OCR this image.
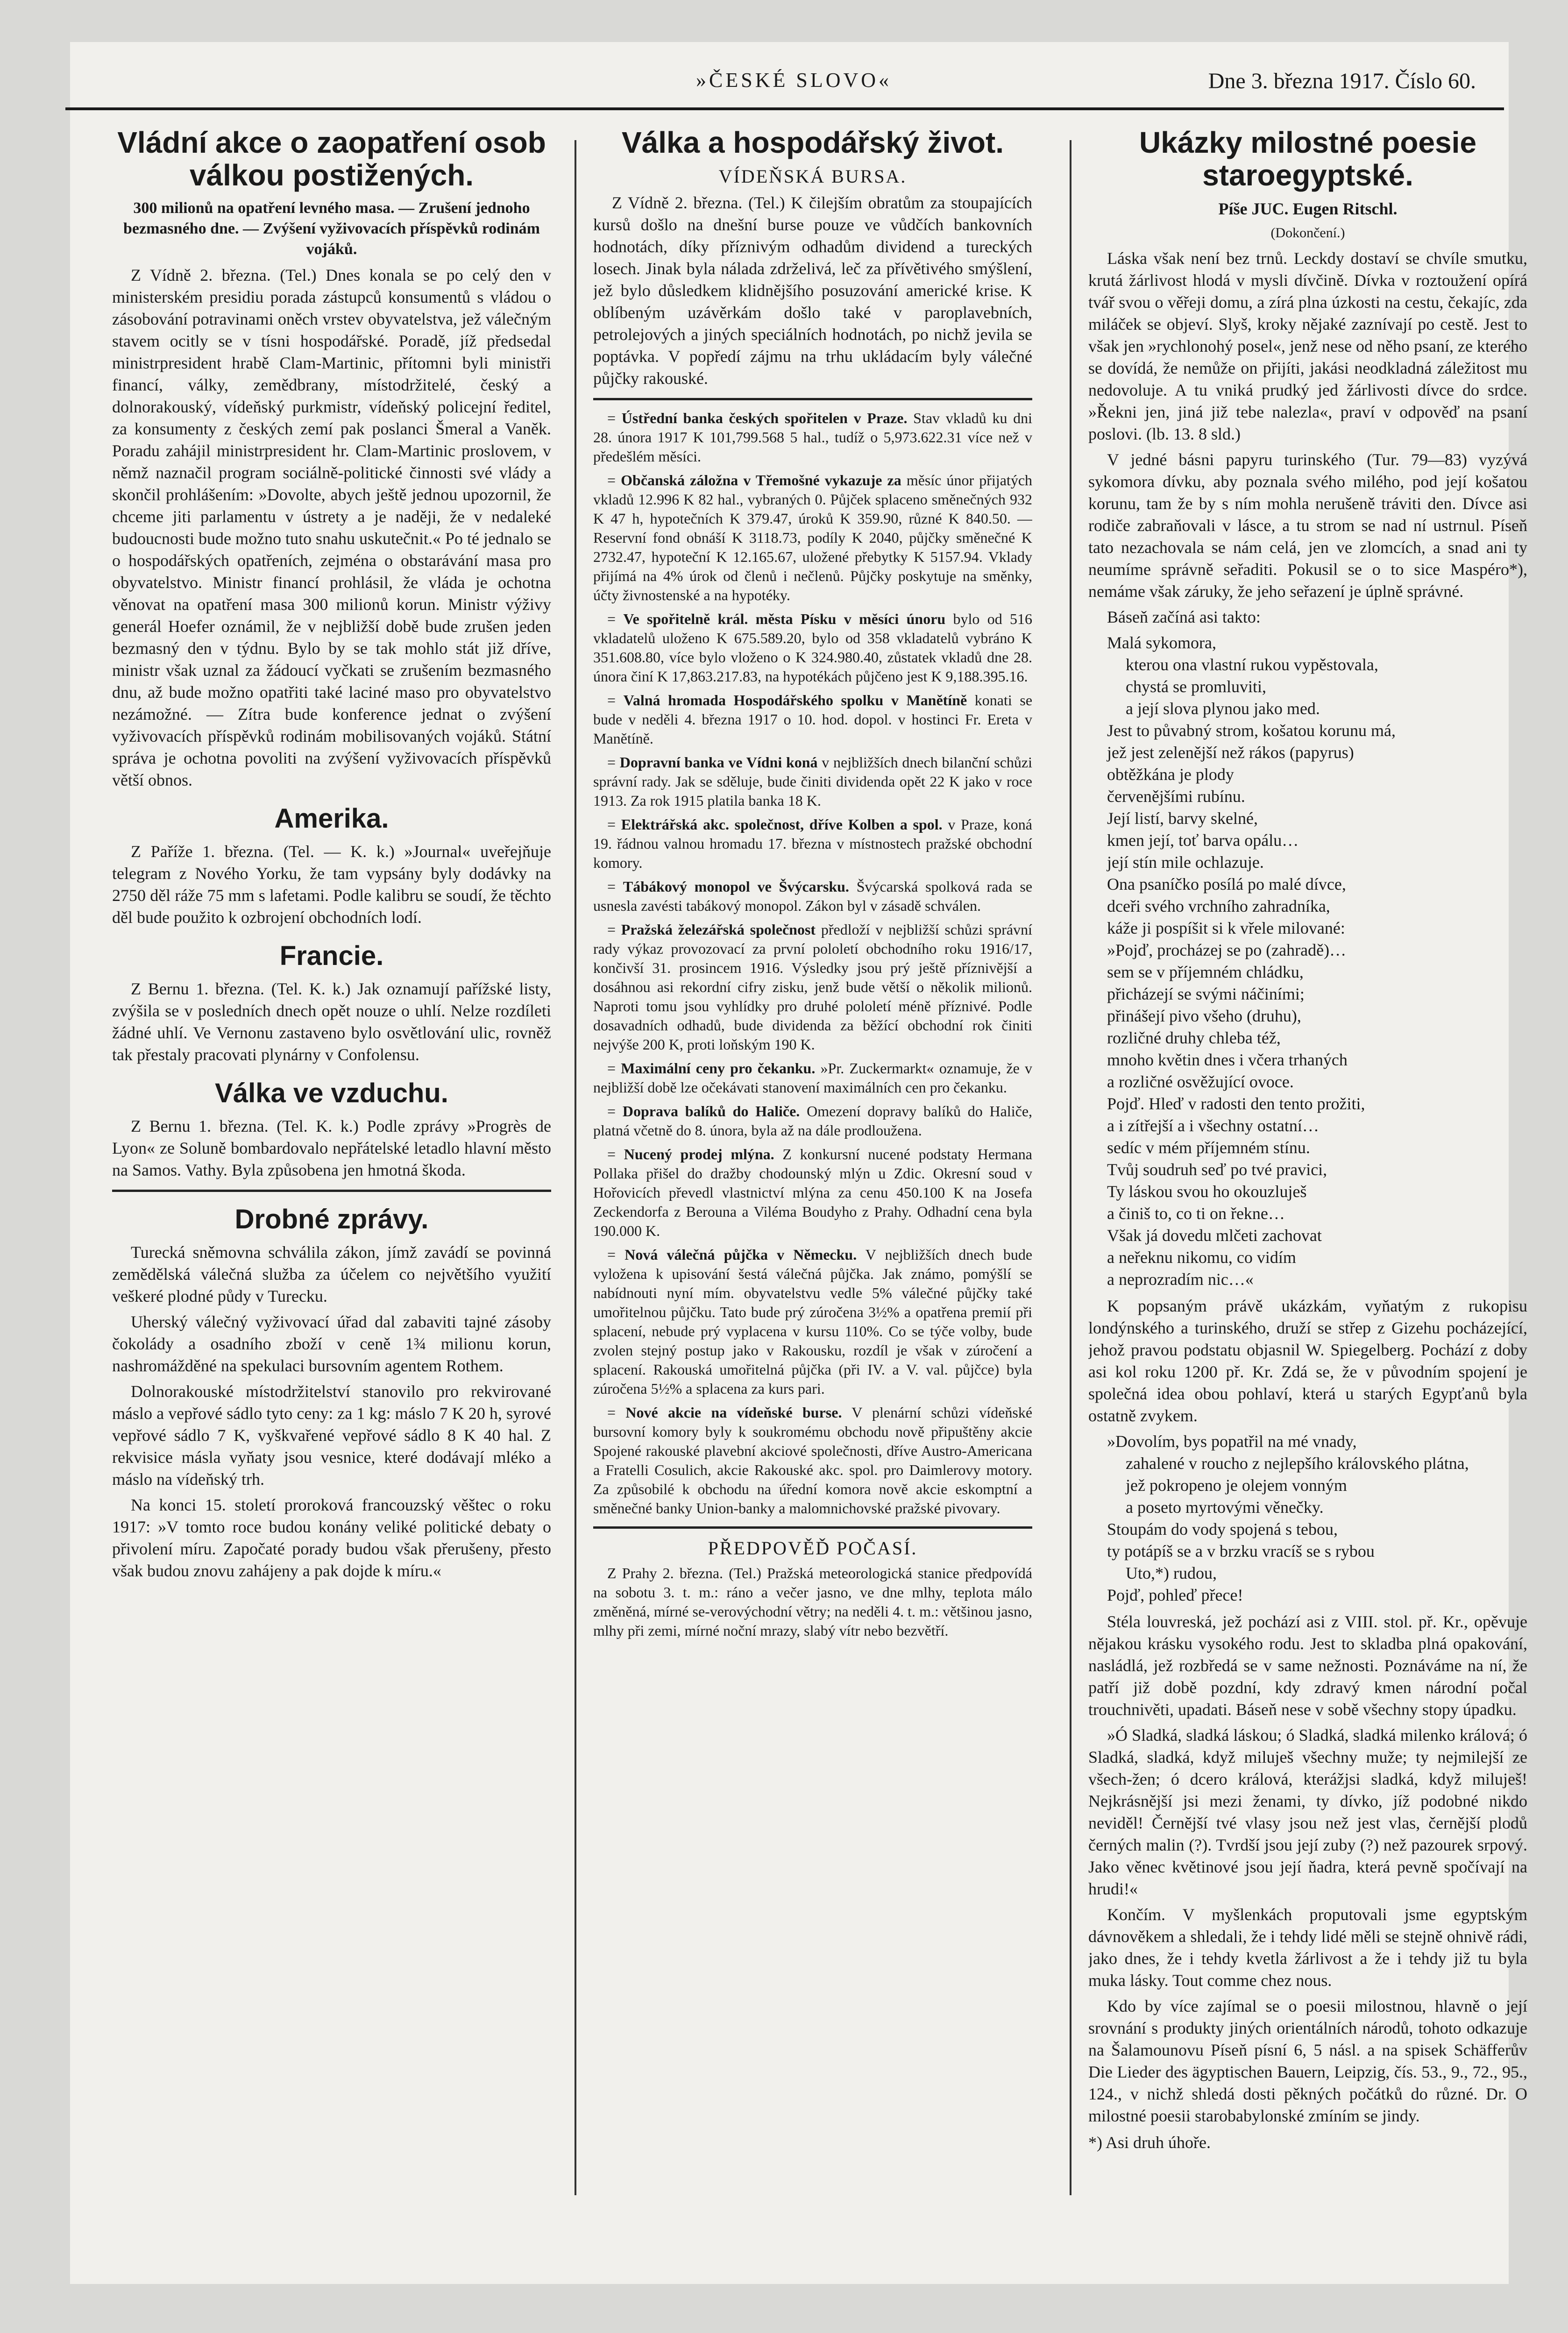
»ČESKÉ SLOVO«	Dne 3. března 1917. Číslo 60.
Vládní akce o zaopatření osob válkou postižených.
300 milionů na opatření levného masa. — Zrušení jednoho bezmasného dne. — Zvýšení vyživovacích příspěvků rodinám vojáků.

Z Vídně 2. března. (Tel.) Dnes konala se po celý den v ministerském presidiu porada zástupců konsumentů s vládou o zásobování potravinami oněch vrstev obyvatelstva, jež válečným stavem ocitly se v tísni hospodářské. Poradě, jíž předsedal ministrpresident hrabě Clam-Martinic, přítomni byli ministři financí, války, zemědbrany, místodržitelé, český a dolnorakouský, vídeňský purkmistr, vídeňský policejní ředitel, za konsumenty z českých zemí pak poslanci Šmeral a Vaněk. Poradu zahájil ministrpresident hr. Clam-Martinic proslovem, v němž naznačil program sociálně-politické činnosti své vlády a skončil prohlášením: »Dovolte, abych ještě jednou upozornil, že chceme jiti parlamentu v ústrety a je naději, že v nedaleké budoucnosti bude možno tuto snahu uskutečnit.« Po té jednalo se o hospodářských opatřeních, zejména o obstarávání masa pro obyvatelstvo. Ministr financí prohlásil, že vláda je ochotna věnovat na opatření masa 300 milionů korun. Ministr výživy generál Hoefer oznámil, že v nejbližší době bude zrušen jeden bezmasný den v týdnu. Bylo by se tak mohlo stát již dříve, ministr však uznal za žádoucí vyčkati se zrušením bezmasného dnu, až bude možno opatřiti také laciné maso pro obyvatelstvo nezámožné. — Zítra bude konference jednat o zvýšení vyživovacích příspěvků rodinám mobilisovaných vojáků. Státní správa je ochotna povoliti na zvýšení vyživovacích příspěvků větší obnos.

Amerika.

Z Paříže 1. března. (Tel. — K. k.) »Journal« uveřejňuje telegram z Nového Yorku, že tam vypsány byly dodávky na 2750 děl ráže 75 mm s lafetami. Podle kalibru se soudí, že těchto děl bude použito k ozbrojení obchodních lodí.

Francie.

Z Bernu 1. března. (Tel. K. k.) Jak oznamují pařížské listy, zvýšila se v posledních dnech opět nouze o uhlí. Nelze rozdíleti žádné uhlí. Ve Vernonu zastaveno bylo osvětlování ulic, rovněž tak přestaly pracovati plynárny v Confolensu.

Válka ve vzduchu.

Z Bernu 1. března. (Tel. K. k.) Podle zprávy »Progrès de Lyon« ze Soluně bombardovalo nepřátelské letadlo hlavní město na Samos. Vathy. Byla způsobena jen hmotná škoda.

Drobné zprávy.

Turecká sněmovna schválila zákon, jímž zavádí se povinná zemědělská válečná služba za účelem co největšího využití veškeré plodné půdy v Turecku.

Uherský válečný vyživovací úřad dal zabaviti tajné zásoby čokolády a osadního zboží v ceně 1¾ milionu korun, nashromážděné na spekulaci bursovním agentem Rothem.

Dolnorakouské místodržitelství stanovilo pro rekvirované máslo a vepřové sádlo tyto ceny: za 1 kg: máslo 7 K 20 h, syrové vepřové sádlo 7 K, vyškvařené vepřové sádlo 8 K 40 hal. Z rekvisice másla vyňaty jsou vesnice, které dodávají mléko a máslo na vídeňský trh.

Na konci 15. století proroková francouzský věštec o roku 1917: »V tomto roce budou konány veliké politické debaty o přivolení míru. Započaté porady budou však přerušeny, přesto však budou znovu zahájeny a pak dojde k míru.«

Válka a hospodářský život.
VÍDEŇSKÁ BURSA.

Z Vídně 2. března. (Tel.) K čilejším obratům za stoupajících kursů došlo na dnešní burse pouze ve vůdčích bankovních hodnotách, díky příznivým odhadům dividend a tureckých losech. Jinak byla nálada zdrželivá, leč za přívětivého smýšlení, jež bylo důsledkem klidnějšího posuzování americké krise. K oblíbeným uzávěrkám došlo také v paroplavebních, petrolejových a jiných speciálních hodnotách, po nichž jevila se poptávka. V popředí zájmu na trhu ukládacím byly válečné půjčky rakouské.

= Ústřední banka českých spořitelen v Praze. Stav vkladů ku dni 28. února 1917 K 101,799.568 5 hal., tudíž o 5,973.622.31 více než v předešlém měsíci.
= Občanská záložna v Třemošné vykazuje za měsíc únor přijatých vkladů 12.996 K 82 hal., vybraných 0. Půjček splaceno směnečných 932 K 47 h, hypotečních K 379.47, úroků K 359.90, různé K 840.50. — Reservní fond obnáší K 3118.73, podíly K 2040, půjčky směnečné K 2732.47, hypoteční K 12.165.67, uložené přebytky K 5157.94. Vklady přijímá na 4% úrok od členů i nečlenů. Půjčky poskytuje na směnky, účty živnostenské a na hypotéky.
= Ve spořitelně král. města Písku v měsíci únoru bylo od 516 vkladatelů uloženo K 675.589.20, bylo od 358 vkladatelů vybráno K 351.608.80, více bylo vloženo o K 324.980.40, zůstatek vkladů dne 28. února činí K 17,863.217.83, na hypotékách půjčeno jest K 9,188.395.16.
= Valná hromada Hospodářského spolku v Manětíně konati se bude v neděli 4. března 1917 o 10. hod. dopol. v hostinci Fr. Ereta v Manětíně.
= Dopravní banka ve Vídni koná v nejbližších dnech bilanční schůzi správní rady. Jak se sděluje, bude činiti dividenda opět 22 K jako v roce 1913. Za rok 1915 platila banka 18 K.
= Elektrářská akc. společnost, dříve Kolben a spol. v Praze, koná 19. řádnou valnou hromadu 17. března v místnostech pražské obchodní komory.
= Tábákový monopol ve Švýcarsku. Švýcarská spolková rada se usnesla zavésti tabákový monopol. Zákon byl v zásadě schválen.
= Pražská železářská společnost předloží v nejbližší schůzi správní rady výkaz provozovací za první pololetí obchodního roku 1916/17, končivší 31. prosincem 1916. Výsledky jsou prý ještě příznivější a dosáhnou asi rekordní cifry zisku, jenž bude větší o několik milionů. Naproti tomu jsou vyhlídky pro druhé pololetí méně příznivé. Podle dosavadních odhadů, bude dividenda za běžící obchodní rok činiti nejvýše 200 K, proti loňským 190 K.
= Maximální ceny pro čekanku. »Pr. Zuckermarkt« oznamuje, že v nejbližší době lze očekávati stanovení maximálních cen pro čekanku.
= Doprava balíků do Haliče. Omezení dopravy balíků do Haliče, platná včetně do 8. února, byla až na dále prodloužena.
= Nucený prodej mlýna. Z konkursní nucené podstaty Hermana Pollaka přišel do dražby chodounský mlýn u Zdic. Okresní soud v Hořovicích převedl vlastnictví mlýna za cenu 450.100 K na Josefa Zeckendorfa z Berouna a Viléma Boudyho z Prahy. Odhadní cena byla 190.000 K.
= Nová válečná půjčka v Německu. V nejbližších dnech bude vyložena k upisování šestá válečná půjčka. Jak známo, pomýšlí se nabídnouti nyní mím. obyvatelstvu vedle 5% válečné půjčky také umořitelnou půjčku. Tato bude prý zúročena 3½% a opatřena premií při splacení, nebude prý vyplacena v kursu 110%. Co se týče volby, bude zvolen stejný postup jako v Rakousku, rozdíl je však v zúročení a splacení. Rakouská umořitelná půjčka (při IV. a V. val. půjčce) byla zúročena 5½% a splacena za kurs pari.
= Nové akcie na vídeňské burse. V plenární schůzi vídeňské bursovní komory byly k soukromému obchodu nově připuštěny akcie Spojené rakouské plavební akciové společnosti, dříve Austro-Americana a Fratelli Cosulich, akcie Rakouské akc. spol. pro Daimlerovy motory. Za způsobilé k obchodu na úřední komora nově akcie eskomptní a směnečné banky Union-banky a malomnichovské pražské pivovary.
PŘEDPOVĚĎ POČASÍ.
Z Prahy 2. března. (Tel.) Pražská meteorologická stanice předpovídá na sobotu 3. t. m.: ráno a večer jasno, ve dne mlhy, teplota málo změněná, mírné se-verovýchodní větry; na neděli 4. t. m.: většinou jasno, mlhy při zemi, mírné noční mrazy, slabý vítr nebo bezvětří.
Ukázky milostné poesie staroegyptské.
Píše JUC. Eugen Ritschl.
(Dokončení.)

Láska však není bez trnů. Leckdy dostaví se chvíle smutku, krutá žárlivost hlodá v mysli dívčině. Dívka v roztoužení opírá tvář svou o věřeji domu, a zírá plna úzkosti na cestu, čekajíc, zda miláček se objeví. Slyš, kroky nějaké zaznívají po cestě. Jest to však jen »rychlonohý posel«, jenž nese od něho psaní, ze kterého se dovídá, že nemůže on přijíti, jakási neodkladná záležitost mu nedovoluje. A tu vniká prudký jed žárlivosti dívce do srdce. »Řekni jen, jiná již tebe nalezla«, praví v odpověď na psaní poslovi. (lb. 13. 8 sld.)

V jedné básni papyru turinského (Tur. 79—83) vyzývá sykomora dívku, aby poznala svého milého, pod její košatou korunu, tam že by s ním mohla nerušeně tráviti den. Dívce asi rodiče zabraňovali v lásce, a tu strom se nad ní ustrnul. Píseň tato nezachovala se nám celá, jen ve zlomcích, a snad ani ty neumíme správně seřaditi. Pokusil se o to sice Maspéro*), nemáme však záruky, že jeho seřazení je úplně správné.

Báseň začíná asi takto:

Malá sykomora,
kterou ona vlastní rukou vypěstovala,
chystá se promluviti,
a její slova plynou jako med.
Jest to půvabný strom, košatou korunu má,
jež jest zelenější než rákos (papyrus)
obtěžkána je plody
červenějšími rubínu.
Její listí, barvy skelné,
kmen její, toť barva opálu…
její stín mile ochlazuje.
Ona psaníčko posílá po malé dívce,
dceři svého vrchního zahradníka,
káže ji pospíšit si k vřele milované:
»Pojď, procházej se po (zahradě)…
sem se v příjemném chládku,
přicházejí se svými náčiními;
přinášejí pivo všeho (druhu),
rozličné druhy chleba též,
mnoho květin dnes i včera trhaných
a rozličné osvěžující ovoce.
Pojď. Hleď v radosti den tento prožiti,
a i zítřejší a i všechny ostatní…
sedíc v mém příjemném stínu.
Tvůj soudruh seď po tvé pravici,
Ty láskou svou ho okouzluješ
a činiš to, co ti on řekne…
Však já dovedu mlčeti zachovat
a neřeknu nikomu, co vidím
a neprozradím nic…«

K popsaným právě ukázkám, vyňatým z rukopisu londýnského a turinského, druží se střep z Gizehu pocházející, jehož pravou podstatu objasnil W. Spiegelberg. Pochází z doby asi kol roku 1200 př. Kr. Zdá se, že v původním spojení je společná idea obou pohlaví, která u starých Egypťanů byla ostatně zvykem.

»Dovolím, bys popatřil na mé vnady,
zahalené v roucho z nejlepšího královského plátna,
jež pokropeno je olejem vonným
a poseto myrtovými věnečky.
Stoupám do vody spojená s tebou,
ty potápíš se a v brzku vracíš se s rybou
Uto,*) rudou,
Pojď, pohleď přece!

Stéla louvreská, jež pochází asi z VIII. stol. př. Kr., opěvuje nějakou krásku vysokého rodu. Jest to skladba plná opakování, nasládlá, jež rozbředá se v same nežnosti. Poznáváme na ní, že patří již době pozdní, kdy zdravý kmen národní počal trouchnivěti, upadati. Báseň nese v sobě všechny stopy úpadku.

»Ó Sladká, sladká láskou; ó Sladká, sladká milenko králová; ó Sladká, sladká, když miluješ všechny muže; ty nejmilejší ze všech-žen; ó dcero králová, kterážjsi sladká, když miluješ! Nejkrásnější jsi mezi ženami, ty dívko, jíž podobné nikdo neviděl! Černější tvé vlasy jsou než jest vlas, černější plodů černých malin (?). Tvrdší jsou její zuby (?) než pazourek srpový. Jako věnec květinové jsou její ňadra, která pevně spočívají na hrudi!«

Končím. V myšlenkách proputovali jsme egyptským dávnověkem a shledali, že i tehdy lidé měli se stejně ohnivě rádi, jako dnes, že i tehdy kvetla žárlivost a že i tehdy již tu byla muka lásky. Tout comme chez nous.

Kdo by více zajímal se o poesii milostnou, hlavně o její srovnání s produkty jiných orientálních národů, tohoto odkazuje na Šalamounovu Píseň písní 6, 5 násl. a na spisek Schäfferův Die Lieder des ägyptischen Bauern, Leipzig, čís. 53., 9., 72., 95., 124., v nichž shledá dosti pěkných počátků do různé. Dr. O milostné poesii starobabylonské zmíním se jindy.

*) Asi druh úhoře.
